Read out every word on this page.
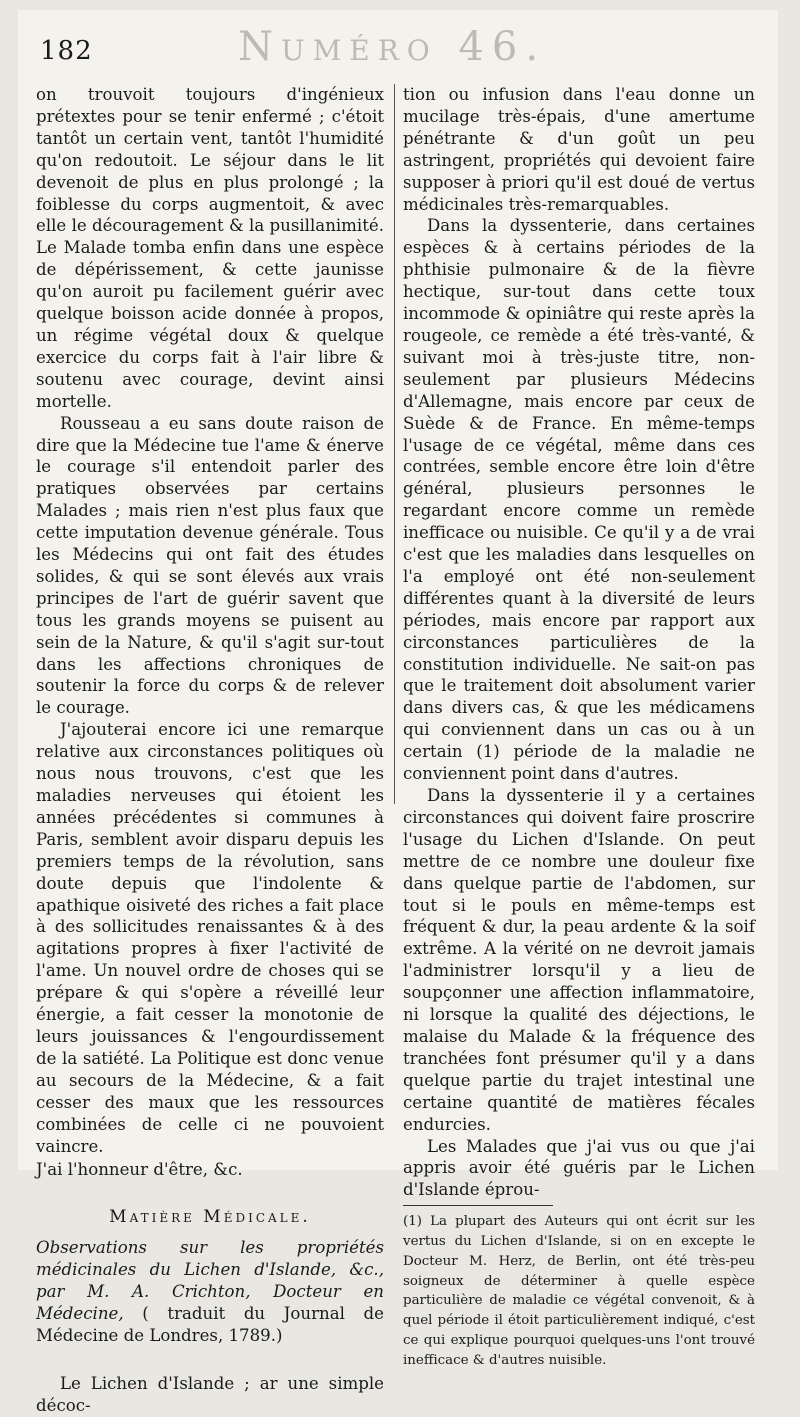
182	Numéro 46.

on trouvoit toujours d'ingénieux prétextes pour se tenir enfermé ; c'étoit tantôt un certain vent, tantôt l'humidité qu'on redoutoit. Le séjour dans le lit devenoit de plus en plus prolongé ; la foiblesse du corps augmentoit, & avec elle le découragement & la pusillanimité. Le Malade tomba enfin dans une espèce de dépérissement, & cette jaunisse qu'on auroit pu facilement guérir avec quelque boisson acide donnée à propos, un régime végétal doux & quelque exercice du corps fait à l'air libre & soutenu avec courage, devint ainsi mortelle.

Rousseau a eu sans doute raison de dire que la Médecine tue l'ame & énerve le courage s'il entendoit parler des pratiques observées par certains Malades ; mais rien n'est plus faux que cette imputation devenue générale. Tous les Médecins qui ont fait des études solides, & qui se sont élevés aux vrais principes de l'art de guérir savent que tous les grands moyens se puisent au sein de la Nature, & qu'il s'agit sur-tout dans les affections chroniques de soutenir la force du corps & de relever le courage.

J'ajouterai encore ici une remarque relative aux circonstances politiques où nous nous trouvons, c'est que les maladies nerveuses qui étoient les années précédentes si communes à Paris, semblent avoir disparu depuis les premiers temps de la révolution, sans doute depuis que l'indolente & apathique oisiveté des riches a fait place à des sollicitudes renaissantes & à des agitations propres à fixer l'activité de l'ame. Un nouvel ordre de choses qui se prépare & qui s'opère a réveillé leur énergie, a fait cesser la monotonie de leurs jouissances & l'engourdissement de la satiété. La Politique est donc venue au secours de la Médecine, & a fait cesser des maux que les ressources combinées de celle ci ne pouvoient vaincre.

J'ai l'honneur d'être, &c.

Matière Médicale.

Observations sur les propriétés médicinales du Lichen d'Islande, &c., par M. A. Crichton, Docteur en Médecine, ( traduit du Journal de Médecine de Londres, 1789.)

Le Lichen d'Islande ; ar une simple décoc-

tion ou infusion dans l'eau donne un mucilage très-épais, d'une amertume pénétrante & d'un goût un peu astringent, propriétés qui devoient faire supposer à priori qu'il est doué de vertus médicinales très-remarquables.

Dans la dyssenterie, dans certaines espèces & à certains périodes de la phthisie pulmonaire & de la fièvre hectique, sur-tout dans cette toux incommode & opiniâtre qui reste après la rougeole, ce remède a été très-vanté, & suivant moi à très-juste titre, non-seulement par plusieurs Médecins d'Allemagne, mais encore par ceux de Suède & de France. En même-temps l'usage de ce végétal, même dans ces contrées, semble encore être loin d'être général, plusieurs personnes le regardant encore comme un remède inefficace ou nuisible. Ce qu'il y a de vrai c'est que les maladies dans lesquelles on l'a employé ont été non-seulement différentes quant à la diversité de leurs périodes, mais encore par rapport aux circonstances particulières de la constitution individuelle. Ne sait-on pas que le traitement doit absolument varier dans divers cas, & que les médicamens qui conviennent dans un cas ou à un certain (1) période de la maladie ne conviennent point dans d'autres.

Dans la dyssenterie il y a certaines circonstances qui doivent faire proscrire l'usage du Lichen d'Islande. On peut mettre de ce nombre une douleur fixe dans quelque partie de l'abdomen, sur tout si le pouls en même-temps est fréquent & dur, la peau ardente & la soif extrême. A la vérité on ne devroit jamais l'administrer lorsqu'il y a lieu de soupçonner une affection inflammatoire, ni lorsque la qualité des déjections, le malaise du Malade & la fréquence des tranchées font présumer qu'il y a dans quelque partie du trajet intestinal une certaine quantité de matières fécales endurcies.

Les Malades que j'ai vus ou que j'ai appris avoir été guéris par le Lichen d'Islande éprou-

(1) La plupart des Auteurs qui ont écrit sur les vertus du Lichen d'Islande, si on en excepte le Docteur M. Herz, de Berlin, ont été très-peu soigneux de déterminer à quelle espèce particulière de maladie ce végétal convenoit, & à quel période il étoit particulièrement indiqué, c'est ce qui explique pourquoi quelques-uns l'ont trouvé inefficace & d'autres nuisible.
